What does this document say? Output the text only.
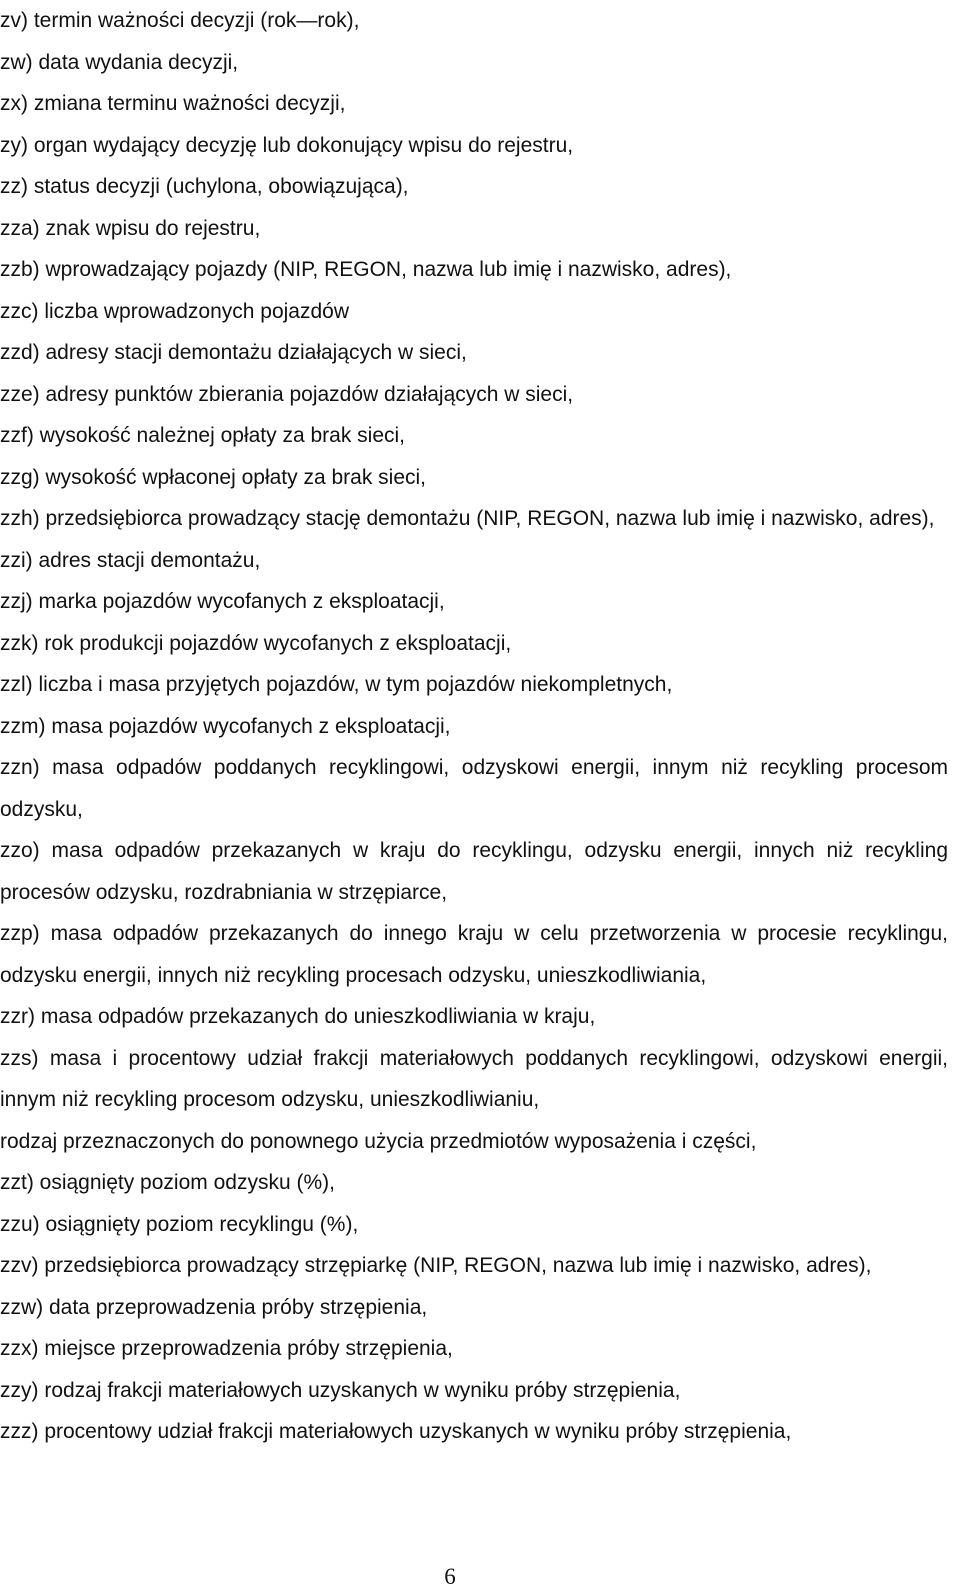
zv) termin ważności decyzji (rok—rok),

zw) data wydania decyzji,

zx) zmiana terminu ważności decyzji,

zy) organ wydający decyzję lub dokonujący wpisu do rejestru,

zz) status decyzji (uchylona, obowiązująca),

zza) znak wpisu do rejestru,

zzb) wprowadzający pojazdy (NIP, REGON, nazwa lub imię i nazwisko, adres),

zzc) liczba wprowadzonych pojazdów

zzd) adresy stacji demontażu działających w sieci,

zze) adresy punktów zbierania pojazdów działających w sieci,

zzf) wysokość należnej opłaty za brak sieci,

zzg) wysokość wpłaconej opłaty za brak sieci,

zzh) przedsiębiorca prowadzący stację demontażu (NIP, REGON, nazwa lub imię i nazwisko, adres),

zzi) adres stacji demontażu,

zzj) marka pojazdów wycofanych z eksploatacji,

zzk) rok produkcji pojazdów wycofanych z eksploatacji,

zzl) liczba i masa przyjętych pojazdów, w tym pojazdów niekompletnych,

zzm) masa pojazdów wycofanych z eksploatacji,

zzn) masa odpadów poddanych recyklingowi, odzyskowi energii, innym niż recykling procesom odzysku,

zzo) masa odpadów przekazanych w kraju do recyklingu, odzysku energii, innych niż recykling procesów odzysku, rozdrabniania w strzępiarce,

zzp) masa odpadów przekazanych do innego kraju w celu przetworzenia w procesie recyklingu, odzysku energii, innych niż recykling procesach odzysku, unieszkodliwiania,

zzr) masa odpadów przekazanych do unieszkodliwiania w kraju,

zzs) masa i procentowy udział frakcji materiałowych poddanych recyklingowi, odzyskowi energii, innym niż recykling procesom odzysku, unieszkodliwianiu,

rodzaj przeznaczonych do ponownego użycia przedmiotów wyposażenia i części,

zzt) osiągnięty poziom odzysku (%),

zzu) osiągnięty poziom recyklingu (%),

zzv) przedsiębiorca prowadzący strzępiarkę (NIP, REGON, nazwa lub imię i nazwisko, adres),

zzw) data przeprowadzenia próby strzępienia,

zzx) miejsce przeprowadzenia próby strzępienia,

zzy) rodzaj frakcji materiałowych uzyskanych w wyniku próby strzępienia,

zzz) procentowy udział frakcji materiałowych uzyskanych w wyniku próby strzępienia,

6
